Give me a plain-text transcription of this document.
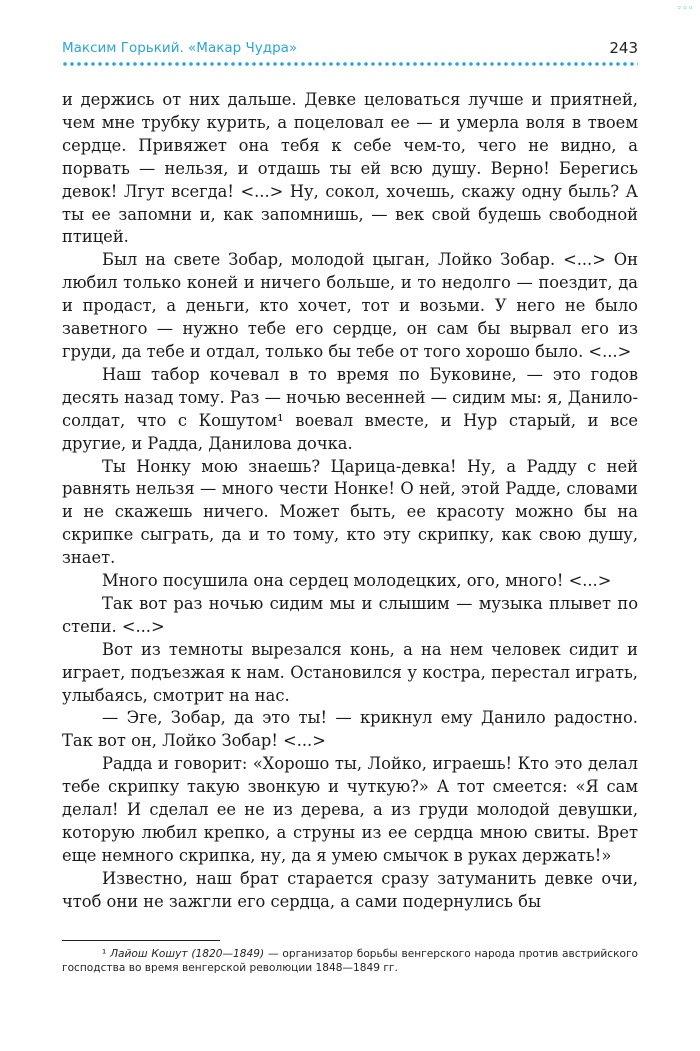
◦◦◦
Максим Горький. «Макар Чудра»	243

и держись от них дальше. Девке целоваться лучше и приятней, чем мне трубку курить, а поцеловал ее — и умерла воля в твоем сердце. Привяжет она тебя к себе чем-то, чего не видно, а порвать — нельзя, и отдашь ты ей всю душу. Верно! Берегись девок! Лгут всегда! <...> Ну, сокол, хочешь, скажу одну быль? А ты ее запомни и, как запомнишь, — век свой будешь свободной птицей.

Был на свете Зобар, молодой цыган, Лойко Зобар. <...> Он любил только коней и ничего больше, и то недолго — поездит, да и продаст, а деньги, кто хочет, тот и возьми. У него не было заветного — нужно тебе его сердце, он сам бы вырвал его из груди, да тебе и отдал, только бы тебе от того хорошо было. <...>

Наш табор кочевал в то время по Буковине, — это годов десять назад тому. Раз — ночью весенней — сидим мы: я, Данило-солдат, что с Кошутом¹ воевал вместе, и Нур старый, и все другие, и Радда, Данилова дочка.

Ты Нонку мою знаешь? Царица-девка! Ну, а Радду с ней равнять нельзя — много чести Нонке! О ней, этой Радде, словами и не скажешь ничего. Может быть, ее красоту можно бы на скрипке сыграть, да и то тому, кто эту скрипку, как свою душу, знает.

Много посушила она сердец молодецких, ого, много! <...>

Так вот раз ночью сидим мы и слышим — музыка плывет по степи. <...>

Вот из темноты вырезался конь, а на нем человек сидит и играет, подъезжая к нам. Остановился у костра, перестал играть, улыбаясь, смотрит на нас.

— Эге, Зобар, да это ты! — крикнул ему Данило радостно. Так вот он, Лойко Зобар! <...>

Радда и говорит: «Хорошо ты, Лойко, играешь! Кто это делал тебе скрипку такую звонкую и чуткую?» А тот смеется: «Я сам делал! И сделал ее не из дерева, а из груди молодой девушки, которую любил крепко, а струны из ее сердца мною свиты. Врет еще немного скрипка, ну, да я умею смычок в руках держать!»

Известно, наш брат старается сразу затуманить девке очи, чтоб они не зажгли его сердца, а сами подернулись бы

¹ Лайош Кошут (1820—1849) — организатор борьбы венгерского народа против австрийского господства во время венгерской революции 1848—1849 гг.
